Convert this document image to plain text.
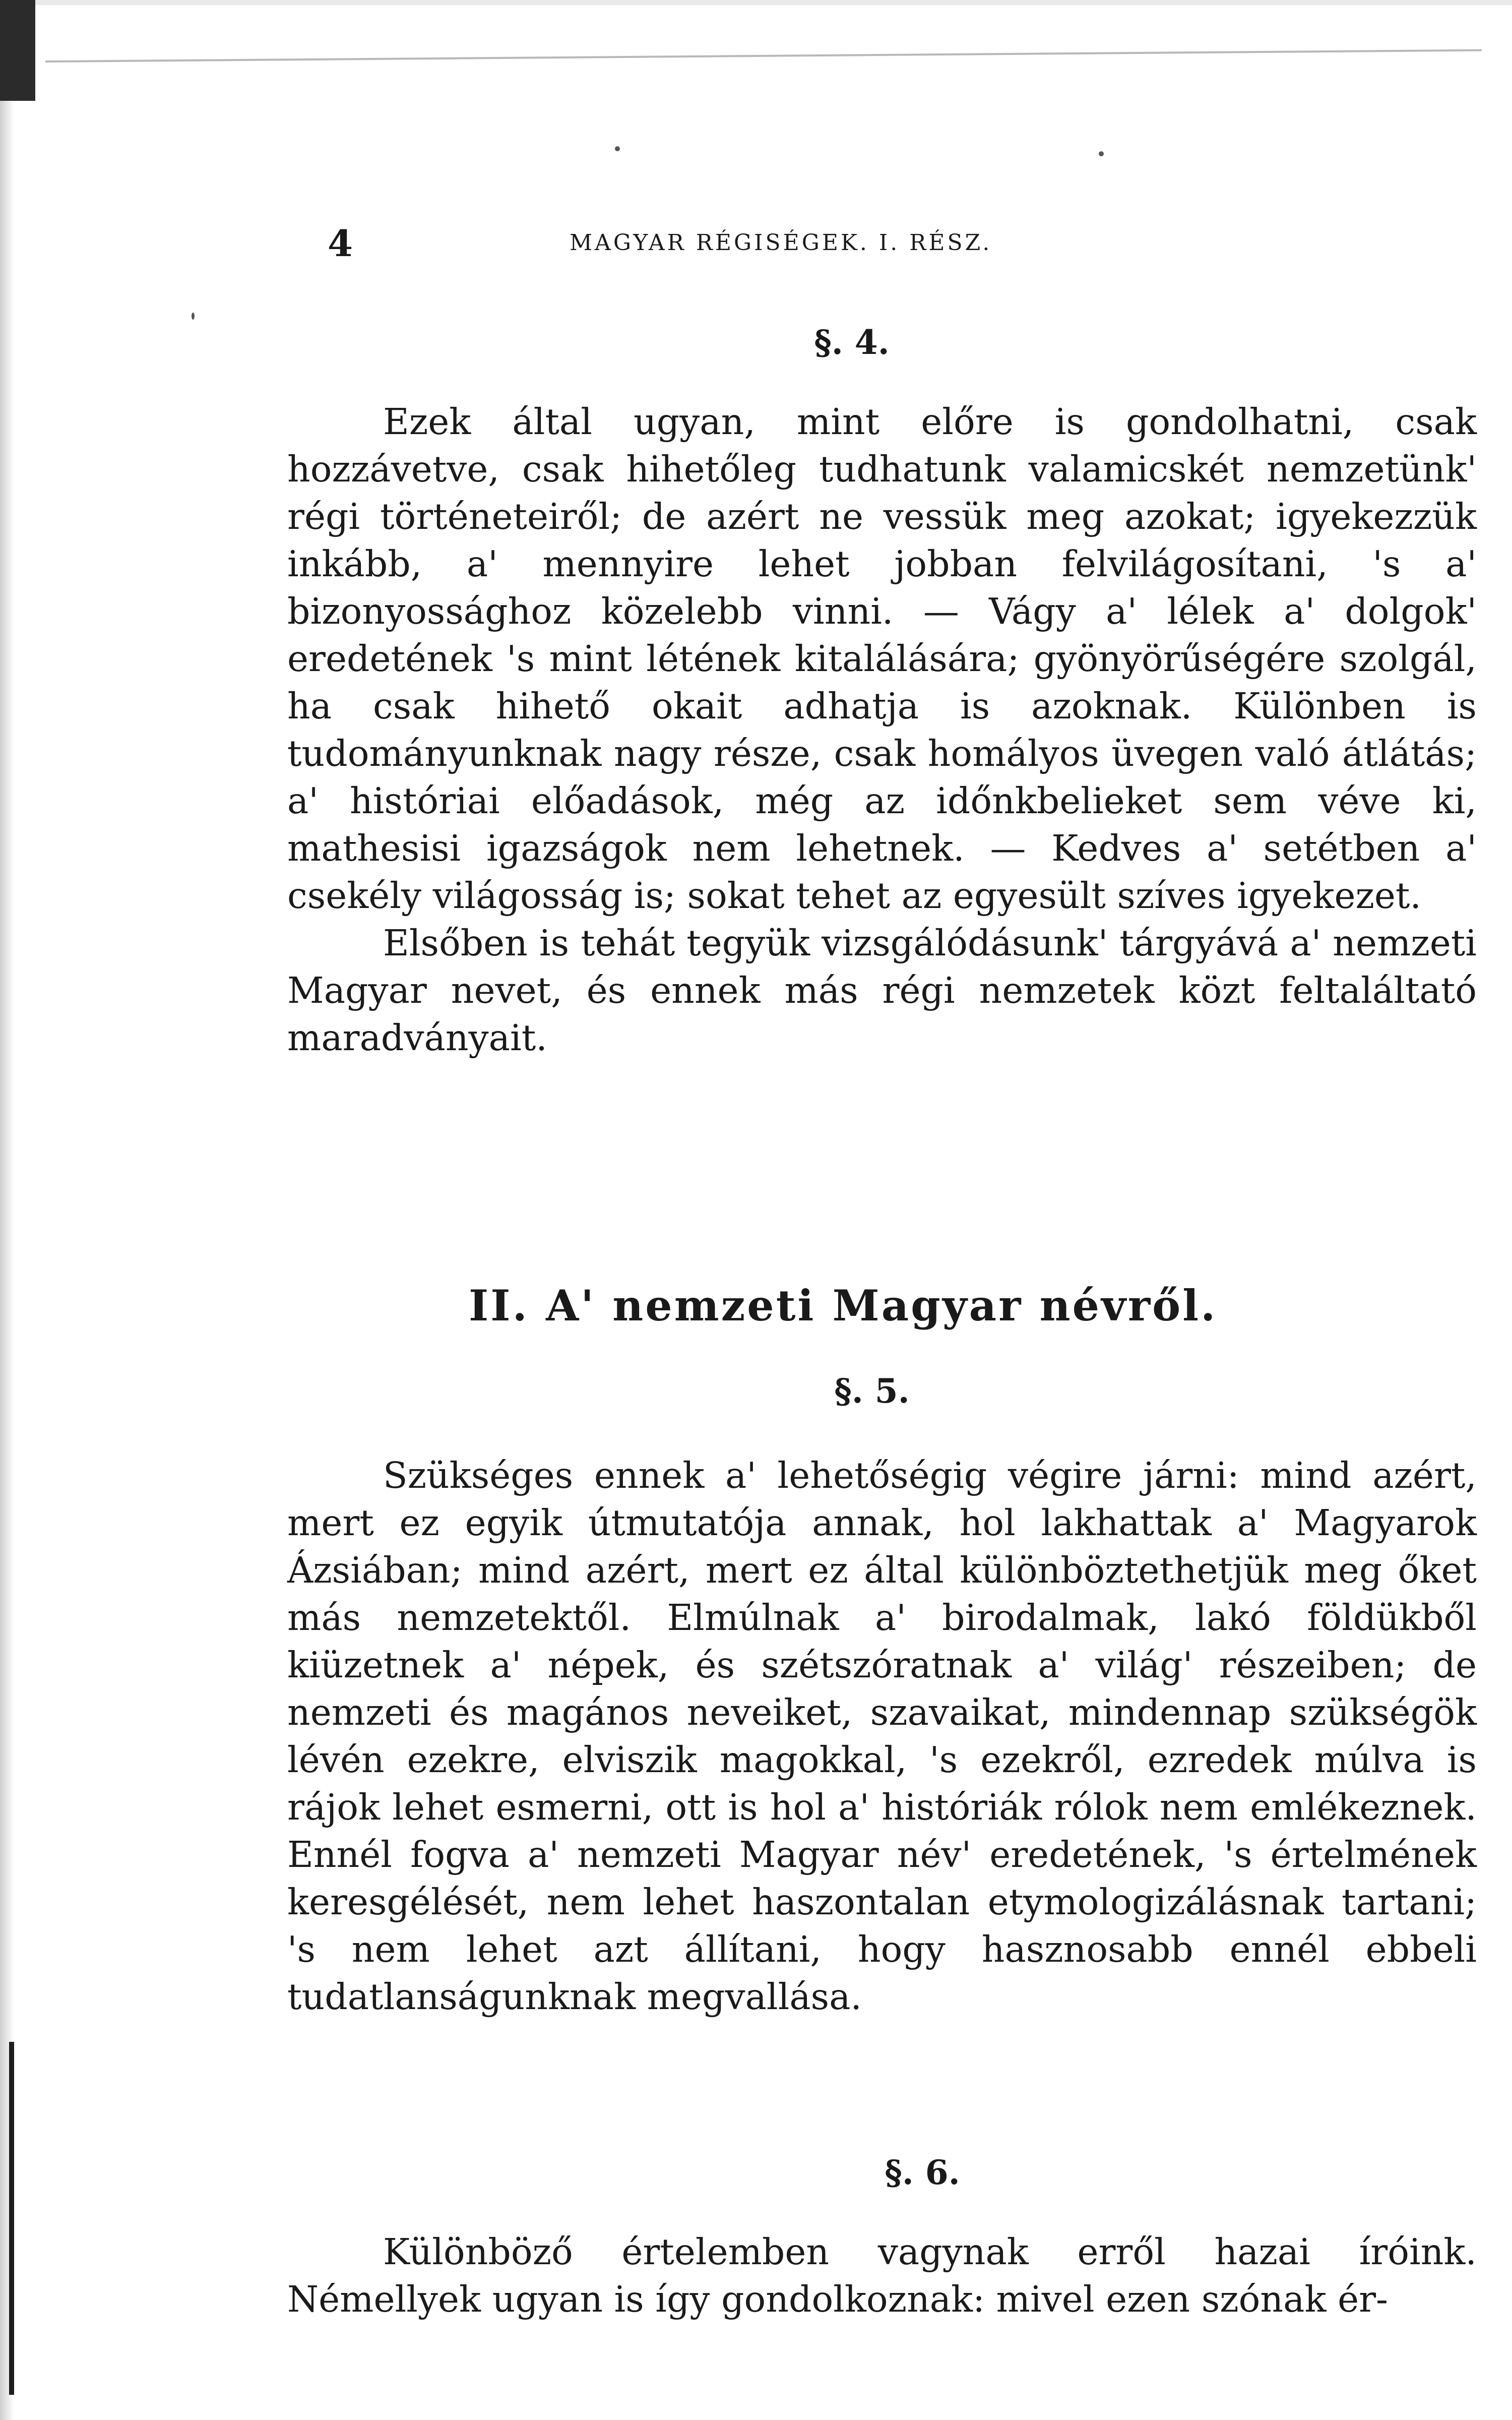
4	MAGYAR RÉGISÉGEK. I. RÉSZ.
§. 4.

Ezek által ugyan, mint előre is gondolhatni, csak hozzávetve, csak hihetőleg tudhatunk valamicskét nemzetünk' régi történeteiről; de azért ne vessük meg azokat; igyekezzük inkább, a' mennyire lehet jobban felvilágosítani, 's a' bizonyossághoz közelebb vinni. — Vágy a' lélek a' dolgok' eredetének 's mint létének kitalálására; gyönyörűségére szolgál, ha csak hihető okait adhatja is azoknak. Különben is tudományunknak nagy része, csak homályos üvegen való átlátás; a' históriai előadások, még az időnkbelieket sem véve ki, mathesisi igazságok nem lehetnek. — Kedves a' setétben a' csekély világosság is; sokat tehet az egyesült szíves igyekezet.

Elsőben is tehát tegyük vizsgálódásunk' tárgyává a' nemzeti Magyar nevet, és ennek más régi nemzetek közt feltaláltató maradványait.

II. A' nemzeti Magyar névről.
§. 5.

Szükséges ennek a' lehetőségig végire járni: mind azért, mert ez egyik útmutatója annak, hol lakhattak a' Magyarok Ázsiában; mind azért, mert ez által különböztethetjük meg őket más nemzetektől. Elmúlnak a' birodalmak, lakó földükből kiüzetnek a' népek, és szétszóratnak a' világ' részeiben; de nemzeti és magános neveiket, szavaikat, mindennap szükségök lévén ezekre, elviszik magokkal, 's ezekről, ezredek múlva is rájok lehet esmerni, ott is hol a' históriák rólok nem emlékeznek. Ennél fogva a' nemzeti Magyar név' eredetének, 's értelmének keresgélését, nem lehet haszontalan etymologizálásnak tartani; 's nem lehet azt állítani, hogy hasznosabb ennél ebbeli tudatlanságunknak megvallása.

§. 6.

Különböző értelemben vagynak erről hazai íróink. Némellyek ugyan is így gondolkoznak: mivel ezen szónak ér-
